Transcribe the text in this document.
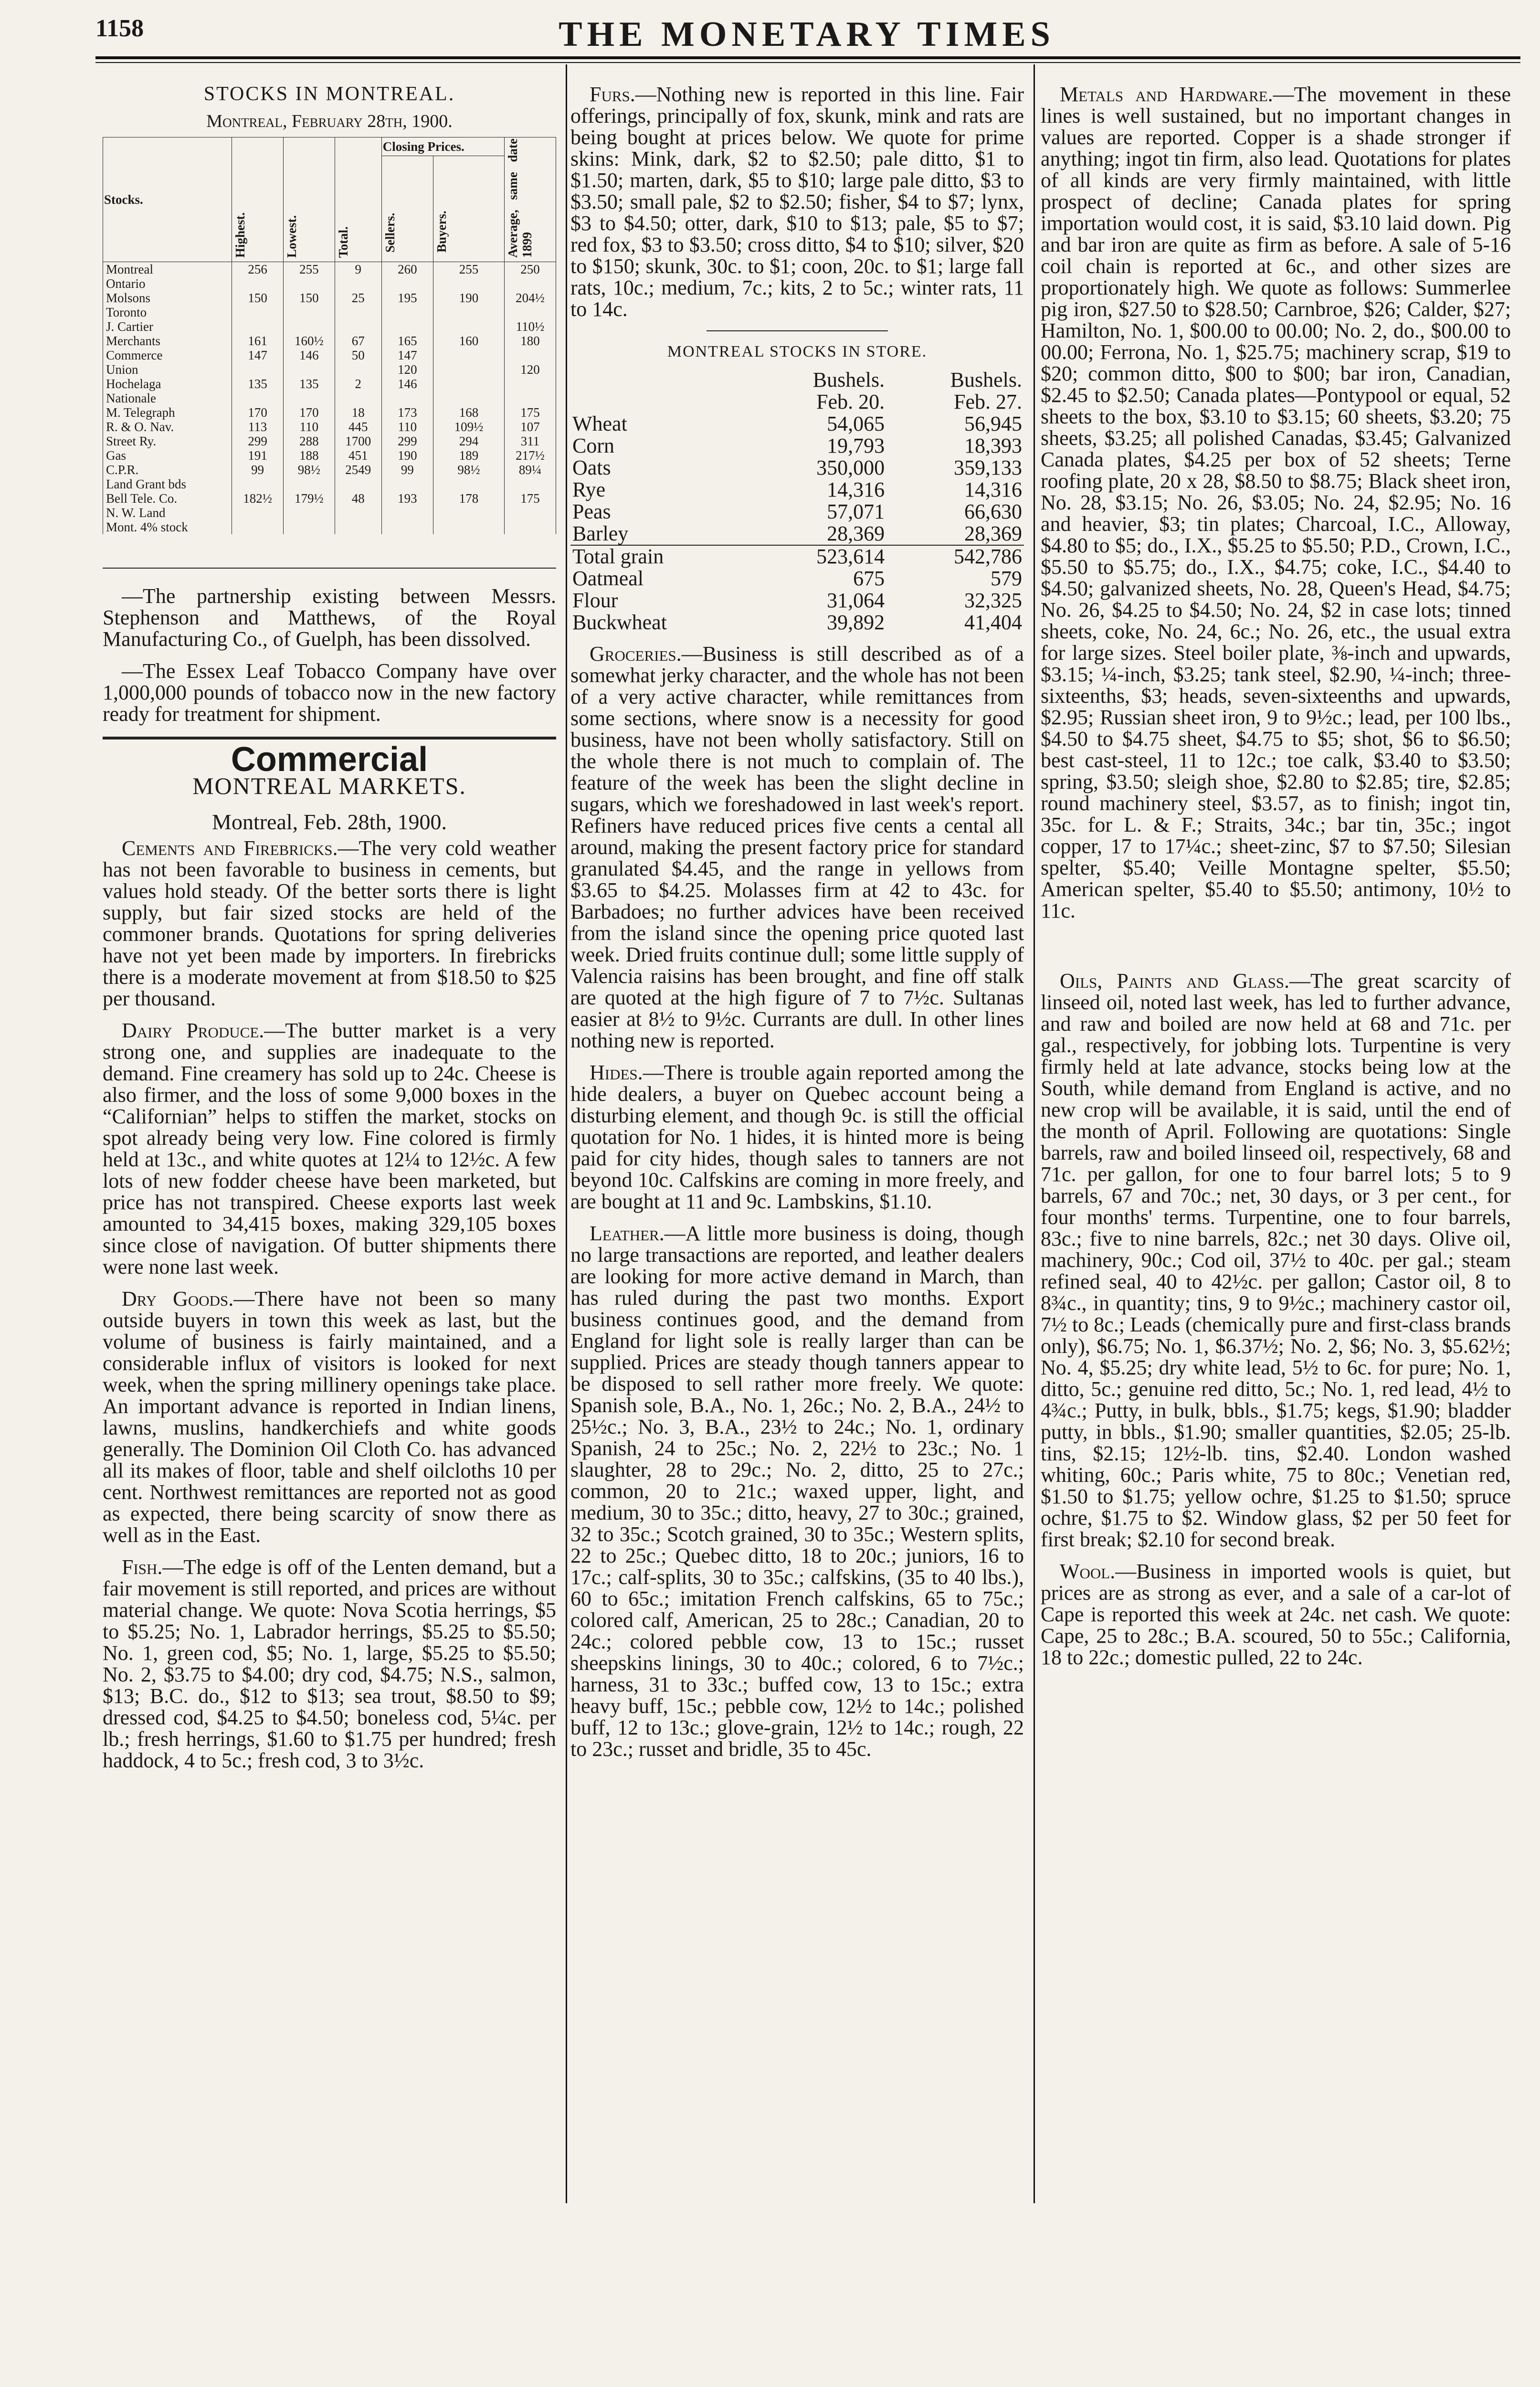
1158	THE MONETARY TIMES
STOCKS IN MONTREAL.
Montreal, February 28th, 1900.
Stocks.	Highest.	Lowest.	Total.	Closing Prices.		Average, same date 1899
				Sellers.	Buyers.	
Montreal	256	255	9	260	255	250
Ontario						
Molsons	150	150	25	195	190	204½
Toronto						
J. Cartier						110½
Merchants	161	160½	67	165	160	180
Commerce	147	146	50	147		
Union				120		120
Hochelaga	135	135	2	146		
Nationale						
M. Telegraph	170	170	18	173	168	175
R. & O. Nav.	113	110	445	110	109½	107
Street Ry.	299	288	1700	299	294	311
Gas	191	188	451	190	189	217½
C.P.R.	99	98½	2549	99	98½	89¼
Land Grant bds						
Bell Tele. Co.	182½	179½	48	193	178	175
N. W. Land						
Mont. 4% stock						

—The partnership existing between Messrs. Stephenson and Matthews, of the Royal Manufacturing Co., of Guelph, has been dissolved.

—The Essex Leaf Tobacco Company have over 1,000,000 pounds of tobacco now in the new factory ready for treatment for shipment.

Commercial
MONTREAL MARKETS.
Montreal, Feb. 28th, 1900.

Cements and Firebricks.—The very cold weather has not been favorable to business in cements, but values hold steady. Of the better sorts there is light supply, but fair sized stocks are held of the commoner brands. Quotations for spring deliveries have not yet been made by importers. In firebricks there is a moderate movement at from $18.50 to $25 per thousand.

Dairy Produce.—The butter market is a very strong one, and supplies are inadequate to the demand. Fine creamery has sold up to 24c. Cheese is also firmer, and the loss of some 9,000 boxes in the “Californian” helps to stiffen the market, stocks on spot already being very low. Fine colored is firmly held at 13c., and white quotes at 12¼ to 12½c. A few lots of new fodder cheese have been marketed, but price has not transpired. Cheese exports last week amounted to 34,415 boxes, making 329,105 boxes since close of navigation. Of butter shipments there were none last week.

Dry Goods.—There have not been so many outside buyers in town this week as last, but the volume of business is fairly maintained, and a considerable influx of visitors is looked for next week, when the spring millinery openings take place. An important advance is reported in Indian linens, lawns, muslins, handkerchiefs and white goods generally. The Dominion Oil Cloth Co. has advanced all its makes of floor, table and shelf oilcloths 10 per cent. Northwest remittances are reported not as good as expected, there being scarcity of snow there as well as in the East.

Fish.—The edge is off of the Lenten demand, but a fair movement is still reported, and prices are without material change. We quote: Nova Scotia herrings, $5 to $5.25; No. 1, Labrador herrings, $5.25 to $5.50; No. 1, green cod, $5; No. 1, large, $5.25 to $5.50; No. 2, $3.75 to $4.00; dry cod, $4.75; N.S., salmon, $13; B.C. do., $12 to $13; sea trout, $8.50 to $9; dressed cod, $4.25 to $4.50; boneless cod, 5¼c. per lb.; fresh herrings, $1.60 to $1.75 per hundred; fresh haddock, 4 to 5c.; fresh cod, 3 to 3½c.

Furs.—Nothing new is reported in this line. Fair offerings, principally of fox, skunk, mink and rats are being bought at prices below. We quote for prime skins: Mink, dark, $2 to $2.50; pale ditto, $1 to $1.50; marten, dark, $5 to $10; large pale ditto, $3 to $3.50; small pale, $2 to $2.50; fisher, $4 to $7; lynx, $3 to $4.50; otter, dark, $10 to $13; pale, $5 to $7; red fox, $3 to $3.50; cross ditto, $4 to $10; silver, $20 to $150; skunk, 30c. to $1; coon, 20c. to $1; large fall rats, 10c.; medium, 7c.; kits, 2 to 5c.; winter rats, 11 to 14c.

MONTREAL STOCKS IN STORE.
	Bushels.	Bushels.
	Feb. 20.	Feb. 27.
Wheat	54,065	56,945
Corn	19,793	18,393
Oats	350,000	359,133
Rye	14,316	14,316
Peas	57,071	66,630
Barley	28,369	28,369
Total grain	523,614	542,786
Oatmeal	675	579
Flour	31,064	32,325
Buckwheat	39,892	41,404

Groceries.—Business is still described as of a somewhat jerky character, and the whole has not been of a very active character, while remittances from some sections, where snow is a necessity for good business, have not been wholly satisfactory. Still on the whole there is not much to complain of. The feature of the week has been the slight decline in sugars, which we foreshadowed in last week's report. Refiners have reduced prices five cents a cental all around, making the present factory price for standard granulated $4.45, and the range in yellows from $3.65 to $4.25. Molasses firm at 42 to 43c. for Barbadoes; no further advices have been received from the island since the opening price quoted last week. Dried fruits continue dull; some little supply of Valencia raisins has been brought, and fine off stalk are quoted at the high figure of 7 to 7½c. Sultanas easier at 8½ to 9½c. Currants are dull. In other lines nothing new is reported.

Hides.—There is trouble again reported among the hide dealers, a buyer on Quebec account being a disturbing element, and though 9c. is still the official quotation for No. 1 hides, it is hinted more is being paid for city hides, though sales to tanners are not beyond 10c. Calfskins are coming in more freely, and are bought at 11 and 9c. Lambskins, $1.10.

Leather.—A little more business is doing, though no large transactions are reported, and leather dealers are looking for more active demand in March, than has ruled during the past two months. Export business continues good, and the demand from England for light sole is really larger than can be supplied. Prices are steady though tanners appear to be disposed to sell rather more freely. We quote: Spanish sole, B.A., No. 1, 26c.; No. 2, B.A., 24½ to 25½c.; No. 3, B.A., 23½ to 24c.; No. 1, ordinary Spanish, 24 to 25c.; No. 2, 22½ to 23c.; No. 1 slaughter, 28 to 29c.; No. 2, ditto, 25 to 27c.; common, 20 to 21c.; waxed upper, light, and medium, 30 to 35c.; ditto, heavy, 27 to 30c.; grained, 32 to 35c.; Scotch grained, 30 to 35c.; Western splits, 22 to 25c.; Quebec ditto, 18 to 20c.; juniors, 16 to 17c.; calf-splits, 30 to 35c.; calfskins, (35 to 40 lbs.), 60 to 65c.; imitation French calfskins, 65 to 75c.; colored calf, American, 25 to 28c.; Canadian, 20 to 24c.; colored pebble cow, 13 to 15c.; russet sheepskins linings, 30 to 40c.; colored, 6 to 7½c.; harness, 31 to 33c.; buffed cow, 13 to 15c.; extra heavy buff, 15c.; pebble cow, 12½ to 14c.; polished buff, 12 to 13c.; glove-grain, 12½ to 14c.; rough, 22 to 23c.; russet and bridle, 35 to 45c.

Metals and Hardware.—The movement in these lines is well sustained, but no important changes in values are reported. Copper is a shade stronger if anything; ingot tin firm, also lead. Quotations for plates of all kinds are very firmly maintained, with little prospect of decline; Canada plates for spring importation would cost, it is said, $3.10 laid down. Pig and bar iron are quite as firm as before. A sale of 5-16 coil chain is reported at 6c., and other sizes are proportionately high. We quote as follows: Summerlee pig iron, $27.50 to $28.50; Carnbroe, $26; Calder, $27; Hamilton, No. 1, $00.00 to 00.00; No. 2, do., $00.00 to 00.00; Ferrona, No. 1, $25.75; machinery scrap, $19 to $20; common ditto, $00 to $00; bar iron, Canadian, $2.45 to $2.50; Canada plates—Pontypool or equal, 52 sheets to the box, $3.10 to $3.15; 60 sheets, $3.20; 75 sheets, $3.25; all polished Canadas, $3.45; Galvanized Canada plates, $4.25 per box of 52 sheets; Terne roofing plate, 20 x 28, $8.50 to $8.75; Black sheet iron, No. 28, $3.15; No. 26, $3.05; No. 24, $2.95; No. 16 and heavier, $3; tin plates; Charcoal, I.C., Alloway, $4.80 to $5; do., I.X., $5.25 to $5.50; P.D., Crown, I.C., $5.50 to $5.75; do., I.X., $4.75; coke, I.C., $4.40 to $4.50; galvanized sheets, No. 28, Queen's Head, $4.75; No. 26, $4.25 to $4.50; No. 24, $2 in case lots; tinned sheets, coke, No. 24, 6c.; No. 26, etc., the usual extra for large sizes. Steel boiler plate, ⅜-inch and upwards, $3.15; ¼-inch, $3.25; tank steel, $2.90, ¼-inch; three-sixteenths, $3; heads, seven-sixteenths and upwards, $2.95; Russian sheet iron, 9 to 9½c.; lead, per 100 lbs., $4.50 to $4.75 sheet, $4.75 to $5; shot, $6 to $6.50; best cast-steel, 11 to 12c.; toe calk, $3.40 to $3.50; spring, $3.50; sleigh shoe, $2.80 to $2.85; tire, $2.85; round machinery steel, $3.57, as to finish; ingot tin, 35c. for L. & F.; Straits, 34c.; bar tin, 35c.; ingot copper, 17 to 17¼c.; sheet-zinc, $7 to $7.50; Silesian spelter, $5.40; Veille Montagne spelter, $5.50; American spelter, $5.40 to $5.50; antimony, 10½ to 11c.

Oils, Paints and Glass.—The great scarcity of linseed oil, noted last week, has led to further advance, and raw and boiled are now held at 68 and 71c. per gal., respectively, for jobbing lots. Turpentine is very firmly held at late advance, stocks being low at the South, while demand from England is active, and no new crop will be available, it is said, until the end of the month of April. Following are quotations: Single barrels, raw and boiled linseed oil, respectively, 68 and 71c. per gallon, for one to four barrel lots; 5 to 9 barrels, 67 and 70c.; net, 30 days, or 3 per cent., for four months' terms. Turpentine, one to four barrels, 83c.; five to nine barrels, 82c.; net 30 days. Olive oil, machinery, 90c.; Cod oil, 37½ to 40c. per gal.; steam refined seal, 40 to 42½c. per gallon; Castor oil, 8 to 8¾c., in quantity; tins, 9 to 9½c.; machinery castor oil, 7½ to 8c.; Leads (chemically pure and first-class brands only), $6.75; No. 1, $6.37½; No. 2, $6; No. 3, $5.62½; No. 4, $5.25; dry white lead, 5½ to 6c. for pure; No. 1, ditto, 5c.; genuine red ditto, 5c.; No. 1, red lead, 4½ to 4¾c.; Putty, in bulk, bbls., $1.75; kegs, $1.90; bladder putty, in bbls., $1.90; smaller quantities, $2.05; 25-lb. tins, $2.15; 12½-lb. tins, $2.40. London washed whiting, 60c.; Paris white, 75 to 80c.; Venetian red, $1.50 to $1.75; yellow ochre, $1.25 to $1.50; spruce ochre, $1.75 to $2. Window glass, $2 per 50 feet for first break; $2.10 for second break.

Wool.—Business in imported wools is quiet, but prices are as strong as ever, and a sale of a car-lot of Cape is reported this week at 24c. net cash. We quote: Cape, 25 to 28c.; B.A. scoured, 50 to 55c.; California, 18 to 22c.; domestic pulled, 22 to 24c.
